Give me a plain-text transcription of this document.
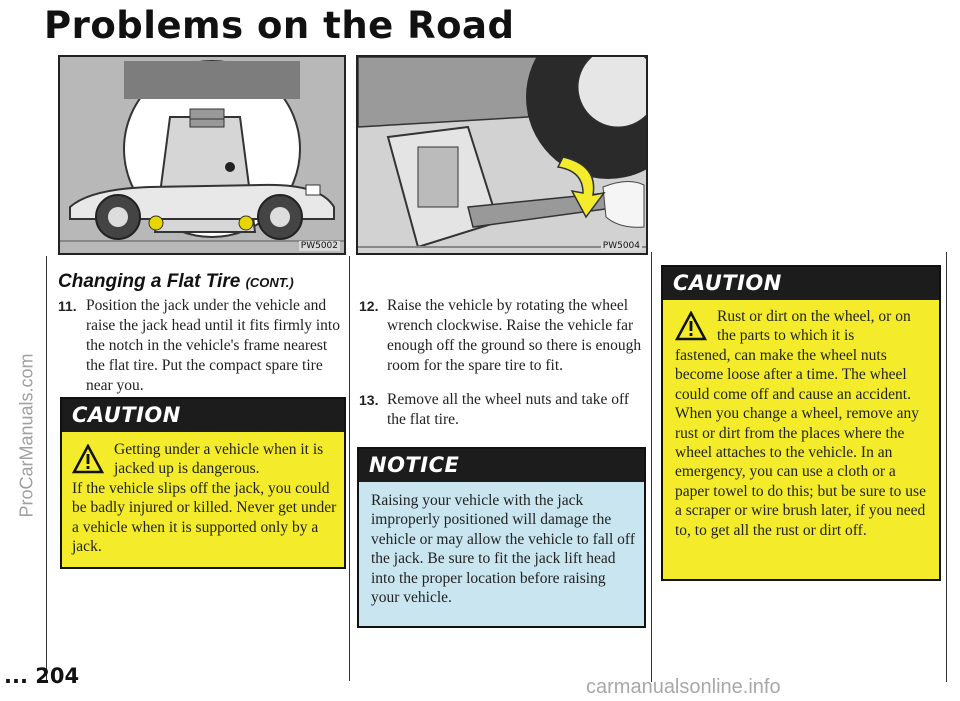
Problems on the Road
PW5002	PW5004
ProCarManuals.com
Changing a Flat Tire (CONT.)
11. Position the jack under the vehicle and raise the jack head until it fits firmly into the notch in the vehicle's frame nearest the flat tire. Put the compact spare tire near you.
12. Raise the vehicle by rotating the wheel wrench clockwise. Raise the vehicle far enough off the ground so there is enough room for the spare tire to fit.
13. Remove all the wheel nuts and take off the flat tire.
CAUTION
Getting under a vehicle when it is jacked up is dangerous.
If the vehicle slips off the jack, you could be badly injured or killed. Never get under a vehicle when it is supported only by a jack.
NOTICE
Raising your vehicle with the jack improperly positioned will damage the vehicle or may allow the vehicle to fall off the jack. Be sure to fit the jack lift head into the proper location before raising your vehicle.
CAUTION
Rust or dirt on the wheel, or on the parts to which it is
fastened, can make the wheel nuts become loose after a time. The wheel could come off and cause an accident. When you change a wheel, remove any rust or dirt from the places where the wheel attaches to the vehicle. In an emergency, you can use a cloth or a paper towel to do this; but be sure to use a scraper or wire brush later, if you need to, to get all the rust or dirt off.
... 204	carmanualsonline.info
